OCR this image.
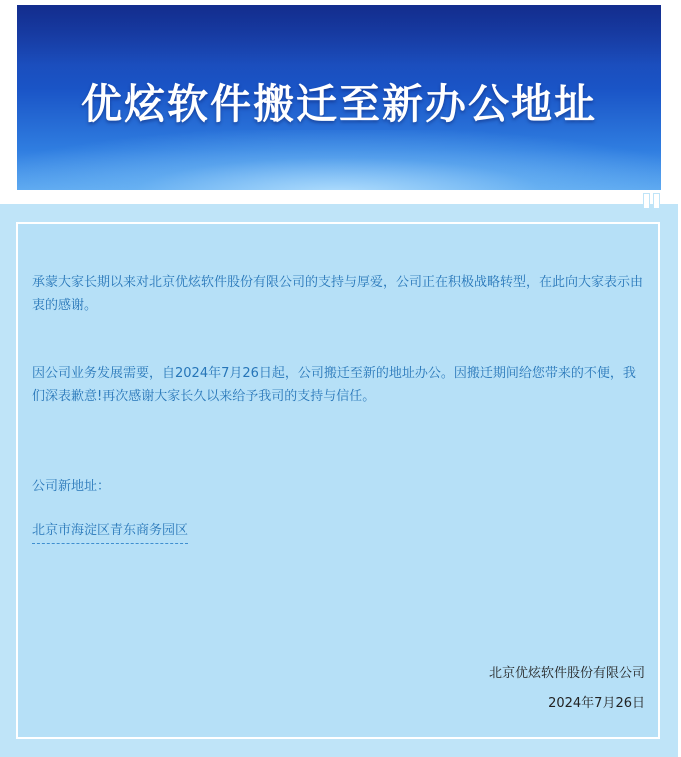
优炫软件搬迁至新办公地址

承蒙大家长期以来对北京优炫软件股份有限公司的支持与厚爱，公司正在积极战略转型，在此向大家表示由衷的感谢。

因公司业务发展需要，自2024年7月26日起，公司搬迁至新的地址办公。因搬迁期间给您带来的不便，我们深表歉意!再次感谢大家长久以来给予我司的支持与信任。

公司新地址：

北京市海淀区青东商务园区
北京优炫软件股份有限公司
2024年7月26日
